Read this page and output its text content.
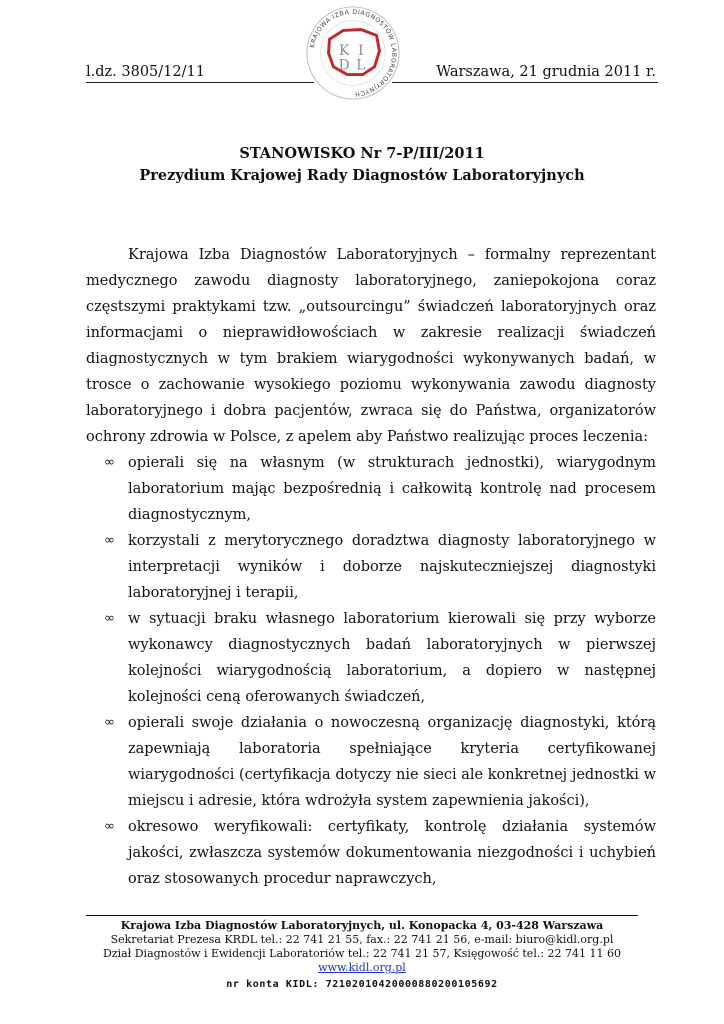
l.dz. 3805/12/11	Warszawa, 21 grudnia 2011 r.
KRAJOWA IZBA DIAGNOSTÓW LABORATORYJNYCH
K I
D L
STANOWISKO Nr 7-P/III/2011
Prezydium Krajowej Rady Diagnostów Laboratoryjnych

Krajowa Izba Diagnostów Laboratoryjnych – formalny reprezentant medycznego zawodu diagnosty laboratoryjnego, zaniepokojona coraz częstszymi praktykami tzw. „outsourcingu” świadczeń laboratoryjnych oraz informacjami o nieprawidłowościach w zakresie realizacji świadczeń diagnostycznych w tym brakiem wiarygodności wykonywanych badań, w trosce o zachowanie wysokiego poziomu wykonywania zawodu diagnosty laboratoryjnego i dobra pacjentów, zwraca się do Państwa, organizatorów ochrony zdrowia w Polsce, z apelem aby Państwo realizując proces leczenia:

∞ opierali się na własnym (w strukturach jednostki), wiarygodnym laboratorium mając bezpośrednią i całkowitą kontrolę nad procesem diagnostycznym,
∞ korzystali z merytorycznego doradztwa diagnosty laboratoryjnego w interpretacji wyników i doborze najskuteczniejszej diagnostyki laboratoryjnej i terapii,
∞ w sytuacji braku własnego laboratorium kierowali się przy wyborze wykonawcy diagnostycznych badań laboratoryjnych w pierwszej kolejności wiarygodnością laboratorium, a dopiero w następnej kolejności ceną oferowanych świadczeń,
∞ opierali swoje działania o nowoczesną organizację diagnostyki, którą zapewniają laboratoria spełniające kryteria certyfikowanej wiarygodności (certyfikacja dotyczy nie sieci ale konkretnej jednostki w miejscu i adresie, która wdrożyła system zapewnienia jakości),
∞ okresowo weryfikowali: certyfikaty, kontrolę działania systemów jakości, zwłaszcza systemów dokumentowania niezgodności i uchybień oraz stosowanych procedur naprawczych,
Krajowa Izba Diagnostów Laboratoryjnych, ul. Konopacka 4, 03-428 Warszawa
Sekretariat Prezesa KRDL tel.: 22 741 21 55, fax.: 22 741 21 56, e-mail: biuro@kidl.org.pl
Dział Diagnostów i Ewidencji Laboratoriów tel.: 22 741 21 57, Księgowość tel.: 22 741 11 60
www.kidl.org.pl
nr konta KIDL: 72102010420000880200105692
